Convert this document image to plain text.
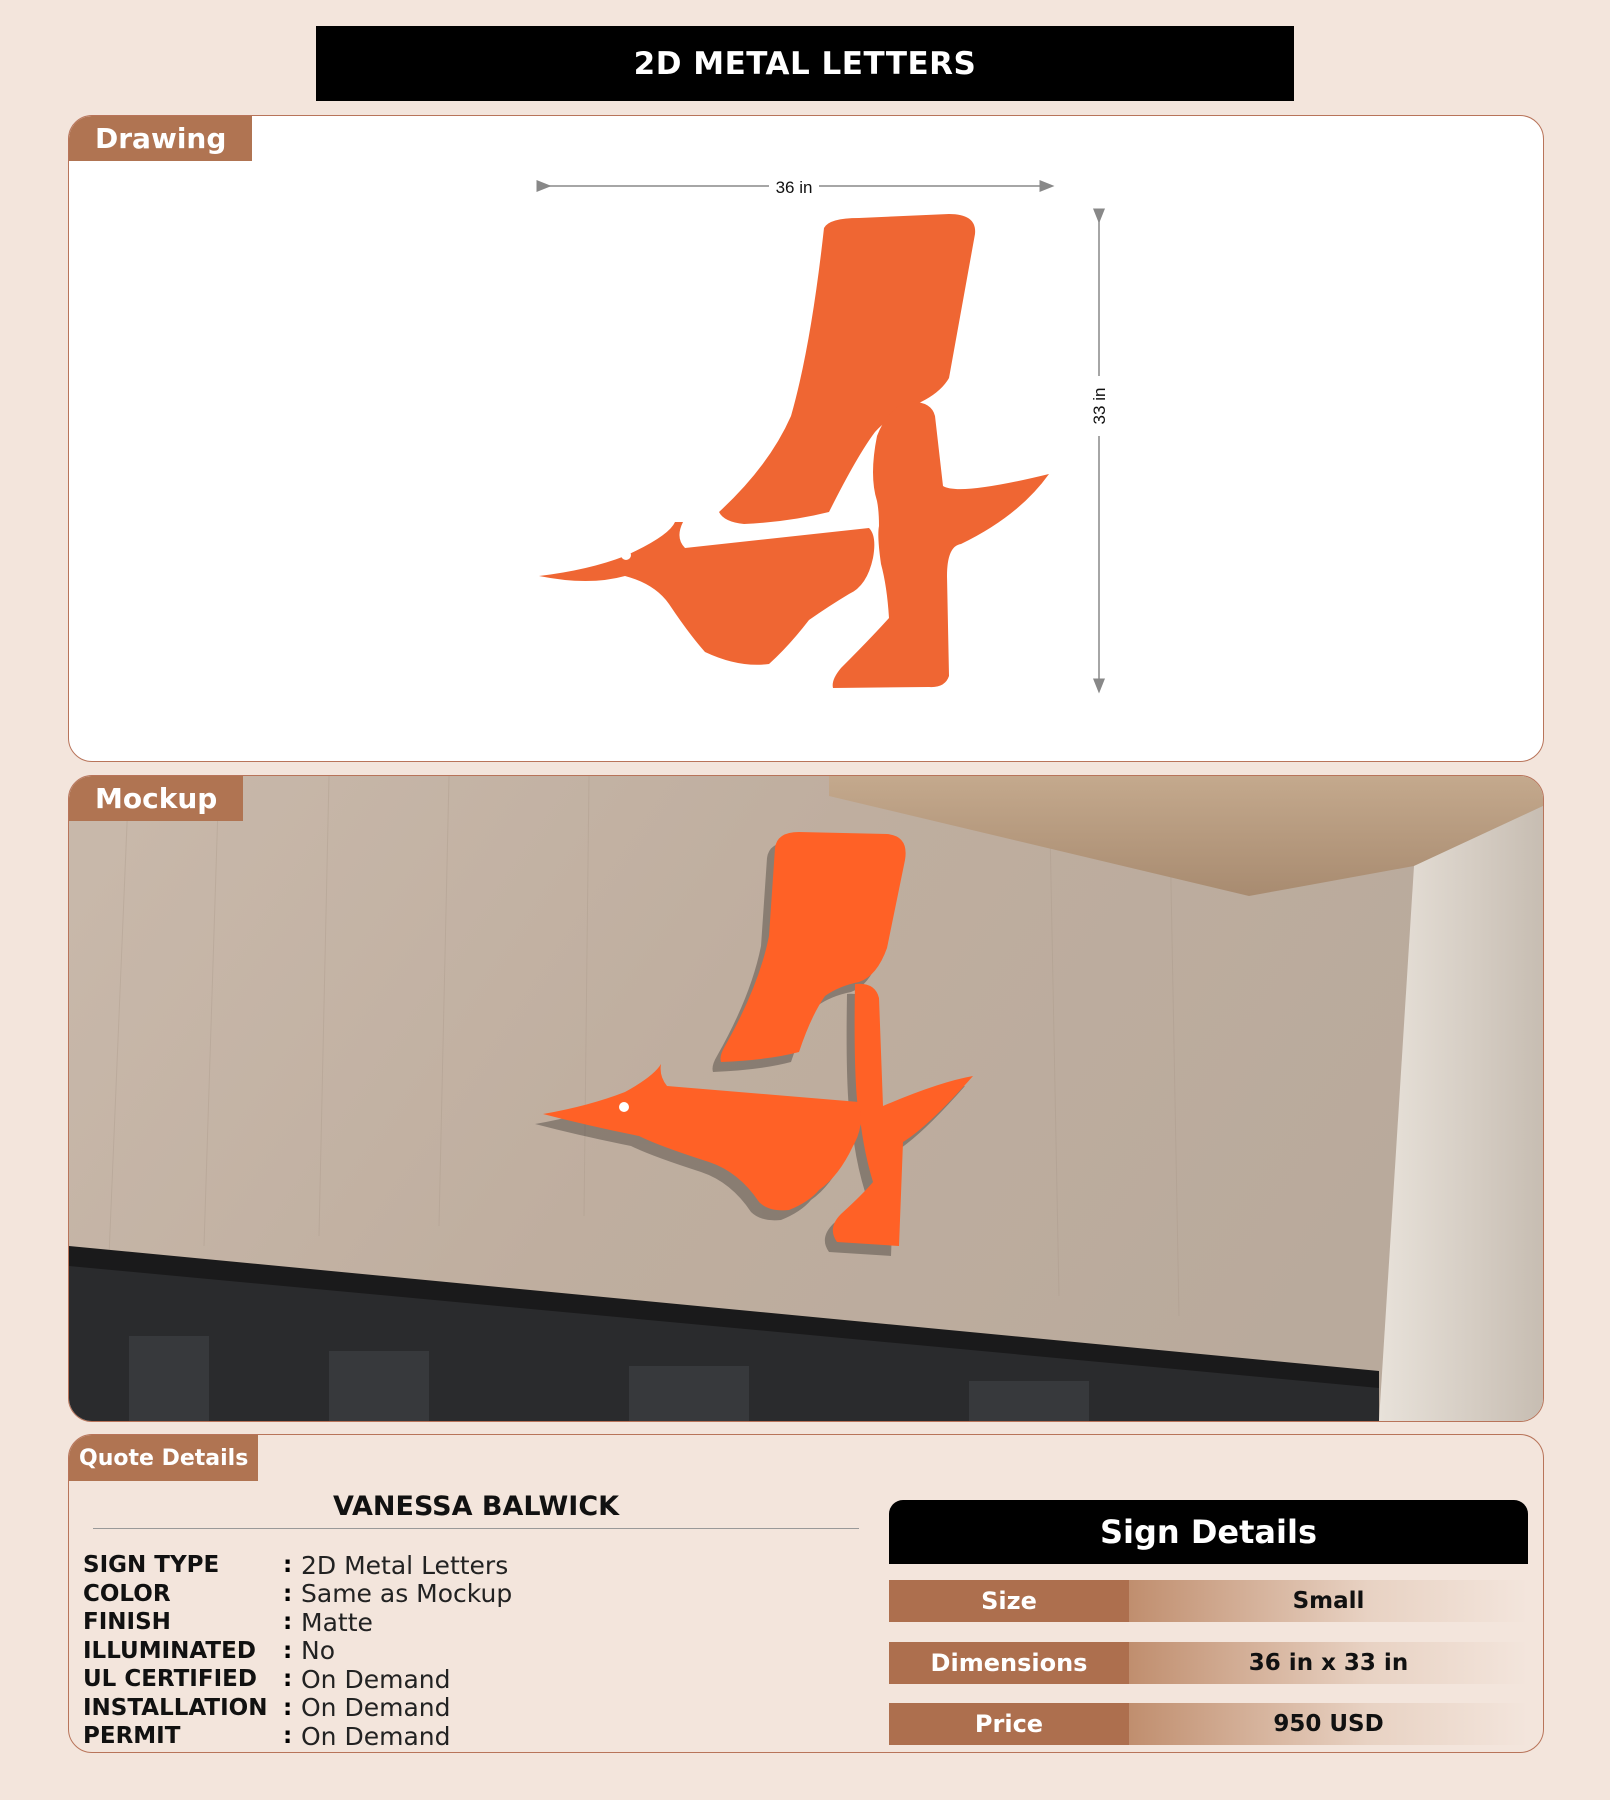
2D METAL LETTERS
Drawing
36 in
33 in
Mockup
Quote Details
VANESSA BALWICK
SIGN TYPE	: 2D Metal Letters
COLOR	: Same as Mockup
FINISH	: Matte
ILLUMINATED	: No
UL CERTIFIED	: On Demand
INSTALLATION : On Demand
PERMIT	: On Demand
Sign Details
Size	Small
Dimensions	36 in x 33 in
Price	950 USD
